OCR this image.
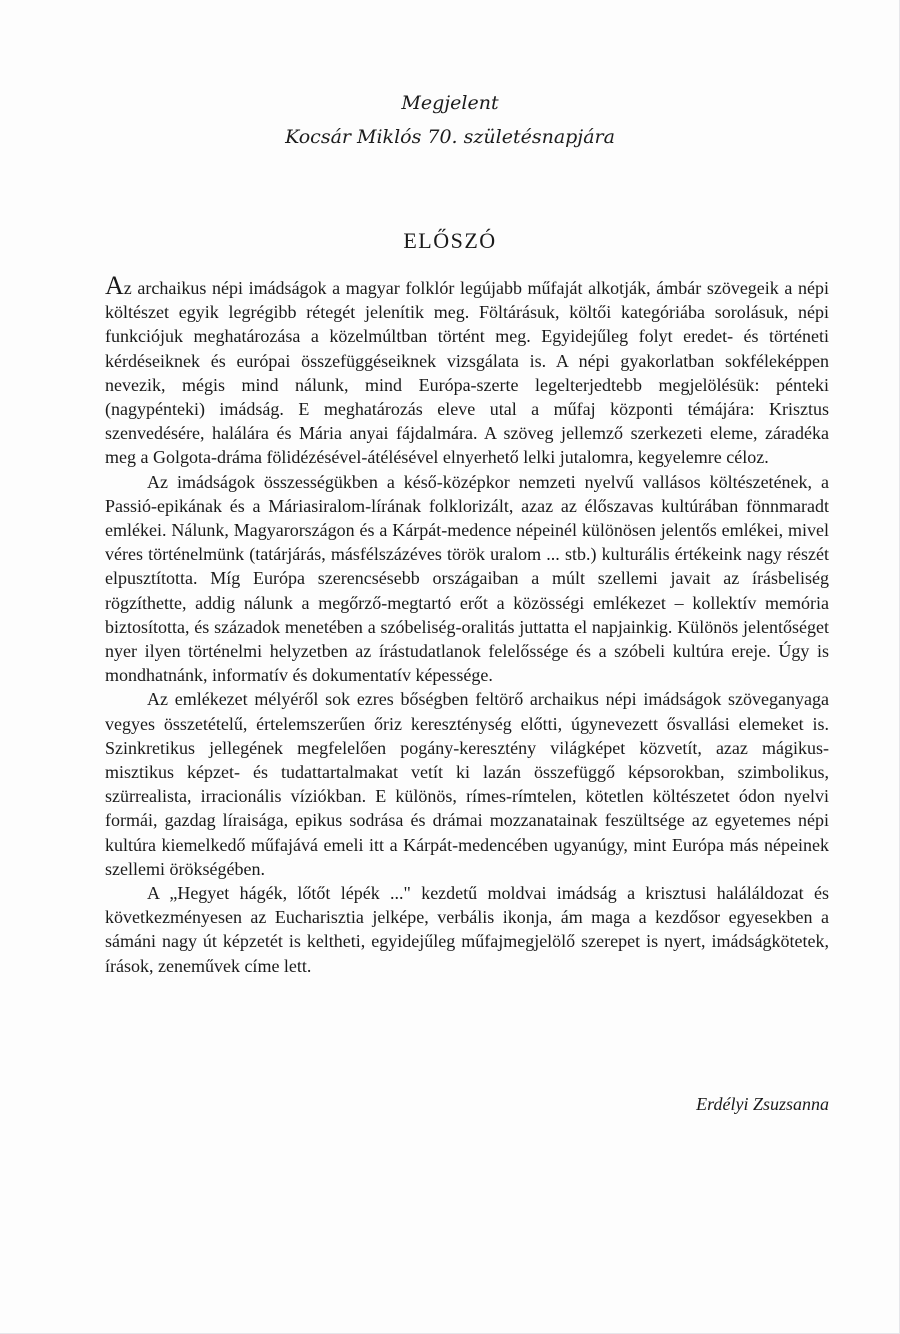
Megjelent
Kocsár Miklós 70. születésnapjára
ELŐSZÓ

Az archaikus népi imádságok a magyar folklór legújabb műfaját alkotják, ámbár szövegeik a népi költészet egyik legrégibb rétegét jelenítik meg. Föltárásuk, költői kategóriába sorolásuk, népi funkciójuk meghatározása a közelmúltban történt meg. Egyidejűleg folyt eredet- és történeti kérdéseiknek és európai összefüggéseiknek vizsgálata is. A népi gyakorlatban sokféleképpen nevezik, mégis mind nálunk, mind Európa-szerte legelterjedtebb megjelölésük: pénteki (nagypénteki) imádság. E meghatározás eleve utal a műfaj központi témájára: Krisztus szenvedésére, halálára és Mária anyai fájdalmára. A szöveg jellemző szerkezeti eleme, záradéka meg a Golgota-dráma fölidézésével-átélésével elnyerhető lelki jutalomra, kegyelemre céloz.

Az imádságok összességükben a késő-középkor nemzeti nyelvű vallásos költészetének, a Passió-epikának és a Máriasiralom-lírának folklorizált, azaz az élőszavas kultúrában fönnmaradt emlékei. Nálunk, Magyarországon és a Kárpát-medence népeinél különösen jelentős emlékei, mivel véres történelmünk (tatárjárás, másfélszázéves török uralom ... stb.) kulturális értékeink nagy részét elpusztította. Míg Európa szerencsésebb országaiban a múlt szellemi javait az írásbeliség rögzíthette, addig nálunk a megőrző-megtartó erőt a közösségi emlékezet – kollektív memória biztosította, és századok menetében a szóbeliség-oralitás juttatta el napjainkig. Különös jelentőséget nyer ilyen történelmi helyzetben az írástudatlanok felelőssége és a szóbeli kultúra ereje. Úgy is mondhatnánk, informatív és dokumentatív képessége.

Az emlékezet mélyéről sok ezres bőségben feltörő archaikus népi imádságok szöveganyaga vegyes összetételű, értelemszerűen őriz kereszténység előtti, úgynevezett ősvallási elemeket is. Szinkretikus jellegének megfelelően pogány-keresztény világképet közvetít, azaz mágikus-misztikus képzet- és tudattartalmakat vetít ki lazán összefüggő képsorokban, szimbolikus, szürrealista, irracionális víziókban. E különös, rímes-rímtelen, kötetlen költészetet ódon nyelvi formái, gazdag líraisága, epikus sodrása és drámai mozzanatainak feszültsége az egyetemes népi kultúra kiemelkedő műfajává emeli itt a Kárpát-medencében ugyanúgy, mint Európa más népeinek szellemi örökségében.

A „Hegyet hágék, lőtőt lépék ..." kezdetű moldvai imádság a krisztusi haláláldozat és következményesen az Eucharisztia jelképe, verbális ikonja, ám maga a kezdősor egyesekben a sámáni nagy út képzetét is keltheti, egyidejűleg műfajmegjelölő szerepet is nyert, imádságkötetek, írások, zeneművek címe lett.

Erdélyi Zsuzsanna
